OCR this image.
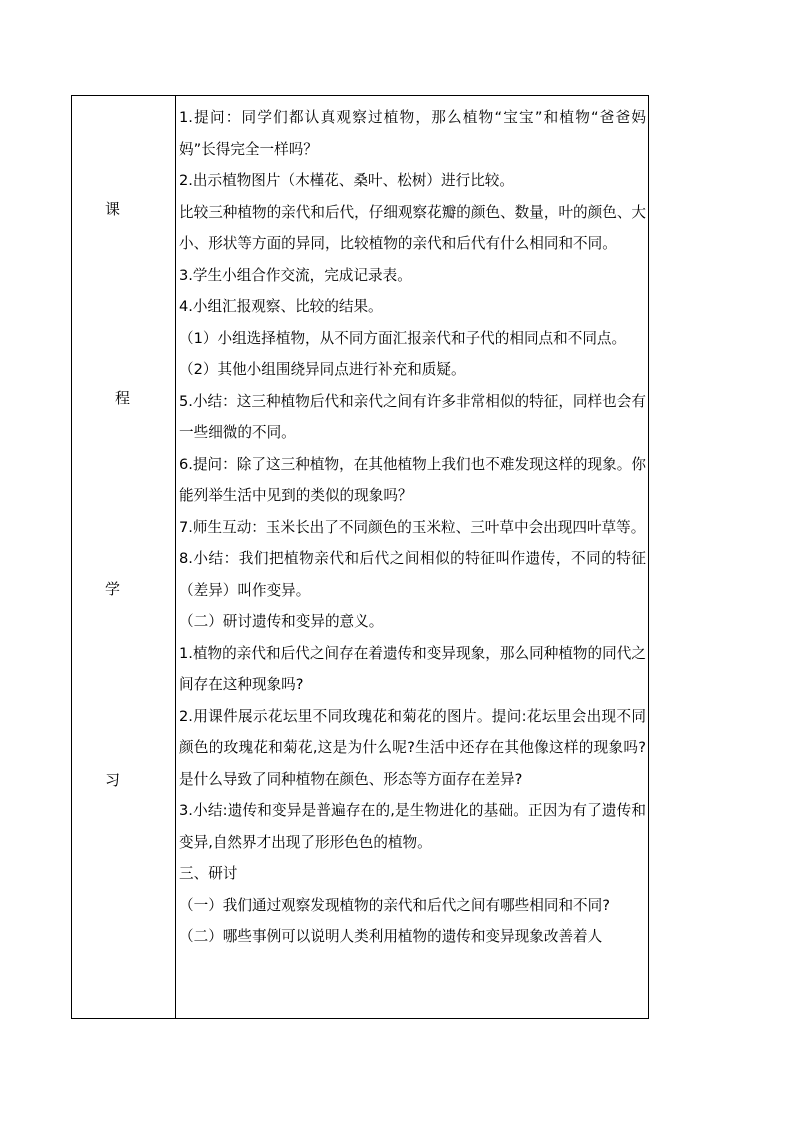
课
程
学
习

1.提问：同学们都认真观察过植物，那么植物“宝宝”和植物“爸爸妈妈”长得完全一样吗？

2.出示植物图片（木槿花、桑叶、松树）进行比较。

比较三种植物的亲代和后代，仔细观察花瓣的颜色、数量，叶的颜色、大小、形状等方面的异同，比较植物的亲代和后代有什么相同和不同。

3.学生小组合作交流，完成记录表。

4.小组汇报观察、比较的结果。

（1）小组选择植物，从不同方面汇报亲代和子代的相同点和不同点。

（2）其他小组围绕异同点进行补充和质疑。

5.小结：这三种植物后代和亲代之间有许多非常相似的特征，同样也会有一些细微的不同。

6.提问：除了这三种植物，在其他植物上我们也不难发现这样的现象。你能列举生活中见到的类似的现象吗？

7.师生互动：玉米长出了不同颜色的玉米粒、三叶草中会出现四叶草等。

8.小结：我们把植物亲代和后代之间相似的特征叫作遗传，不同的特征（差异）叫作变异。

（二）研讨遗传和变异的意义。

1.植物的亲代和后代之间存在着遗传和变异现象，那么同种植物的同代之间存在这种现象吗?

2.用课件展示花坛里不同玫瑰花和菊花的图片。提问:花坛里会出现不同颜色的玫瑰花和菊花,这是为什么呢?生活中还存在其他像这样的现象吗?是什么导致了同种植物在颜色、形态等方面存在差异?

3.小结:遗传和变异是普遍存在的,是生物进化的基础。正因为有了遗传和变异,自然界才出现了形形色色的植物。

三、研讨

（一）我们通过观察发现植物的亲代和后代之间有哪些相同和不同?

（二）哪些事例可以说明人类利用植物的遗传和变异现象改善着人
